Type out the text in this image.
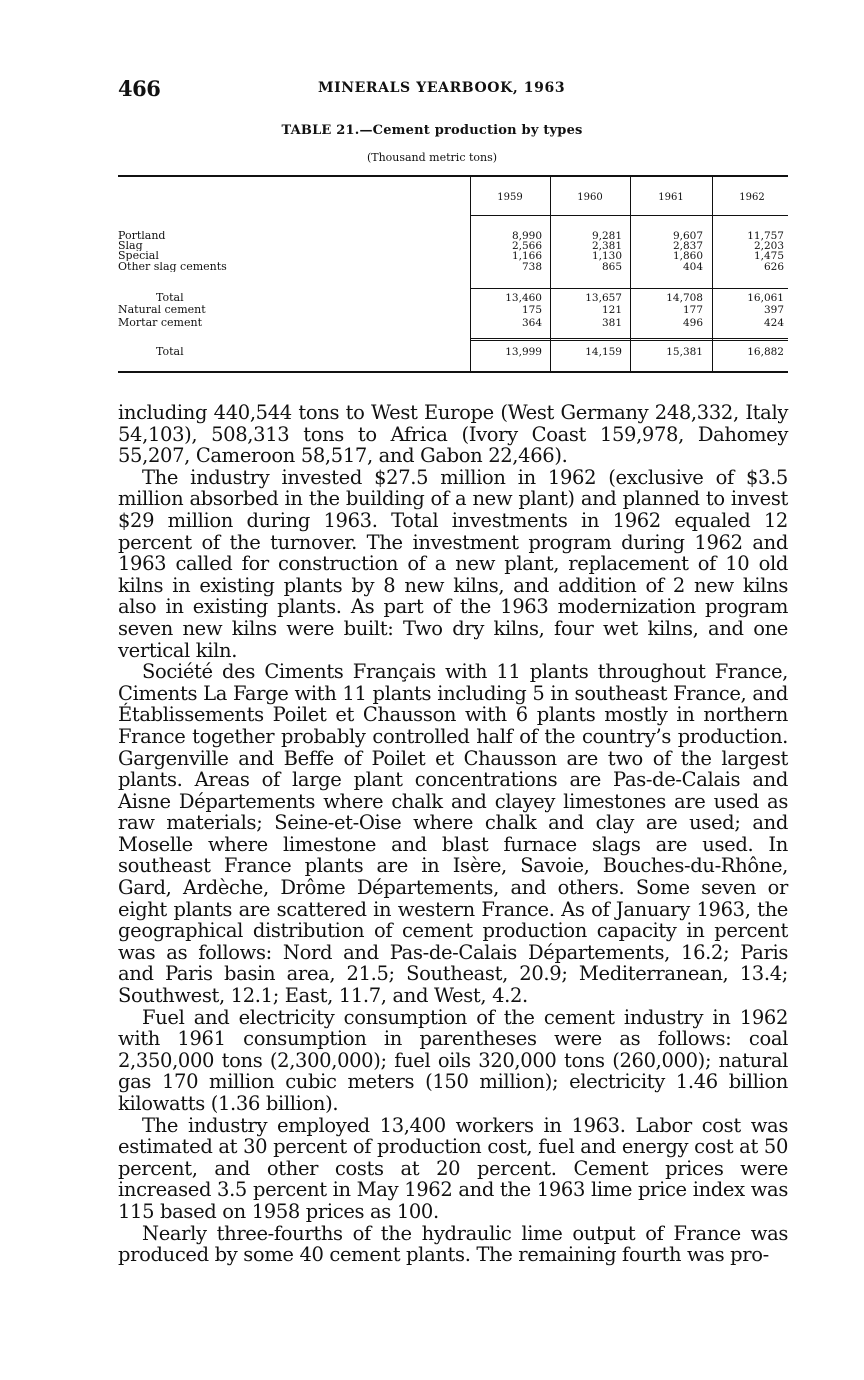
466	MINERALS YEARBOOK, 1963
TABLE 21.—Cement production by types
(Thousand metric tons)
1959	1960	1961	1962
Portland______________________________________________	8,990	9,281	9,607	11,757
Slag__________________________________________________	2,566	2,381	2,837	2,203
Special________________________________________________	1,166	1,130	1,860	1,475
Other slag cements_________________________________________	738	865	404	626
Total_______________________________________________	13,460	13,657	14,708	16,061
Natural cement___________________________________________	175	121	177	397
Mortar cement____________________________________________	364	381	496	424
Total_______________________________________________	13,999	14,159	15,381	16,882

including 440,544 tons to West Europe (West Germany 248,332, Italy 54,103), 508,313 tons to Africa (Ivory Coast 159,978, Dahomey 55,207, Cameroon 58,517, and Gabon 22,466).

The industry invested $27.5 million in 1962 (exclusive of $3.5 million absorbed in the building of a new plant) and planned to invest $29 million during 1963. Total investments in 1962 equaled 12 percent of the turnover. The investment program during 1962 and 1963 called for construction of a new plant, replacement of 10 old kilns in existing plants by 8 new kilns, and addition of 2 new kilns also in existing plants. As part of the 1963 modernization program seven new kilns were built: Two dry kilns, four wet kilns, and one vertical kiln.

Société des Ciments Français with 11 plants throughout France, Ciments La Farge with 11 plants including 5 in southeast France, and Établissements Poilet et Chausson with 6 plants mostly in northern France together probably controlled half of the country’s production. Gargenville and Beffe of Poilet et Chausson are two of the largest plants. Areas of large plant concentrations are Pas-de-Calais and Aisne Départements where chalk and clayey limestones are used as raw materials; Seine-et-Oise where chalk and clay are used; and Moselle where limestone and blast furnace slags are used. In southeast France plants are in Isère, Savoie, Bouches-du-Rhône, Gard, Ardèche, Drôme Départements, and others. Some seven or eight plants are scattered in western France. As of January 1963, the geographical distribution of cement production capacity in percent was as follows: Nord and Pas-de-Calais Départements, 16.2; Paris and Paris basin area, 21.5; Southeast, 20.9; Mediterranean, 13.4; Southwest, 12.1; East, 11.7, and West, 4.2.

Fuel and electricity consumption of the cement industry in 1962 with 1961 consumption in parentheses were as follows: coal 2,350,000 tons (2,300,000); fuel oils 320,000 tons (260,000); natural gas 170 million cubic meters (150 million); electricity 1.46 billion kilowatts (1.36 billion).

The industry employed 13,400 workers in 1963. Labor cost was estimated at 30 percent of production cost, fuel and energy cost at 50 percent, and other costs at 20 percent. Cement prices were increased 3.5 percent in May 1962 and the 1963 lime price index was 115 based on 1958 prices as 100.

Nearly three-fourths of the hydraulic lime output of France was produced by some 40 cement plants. The remaining fourth was pro-
